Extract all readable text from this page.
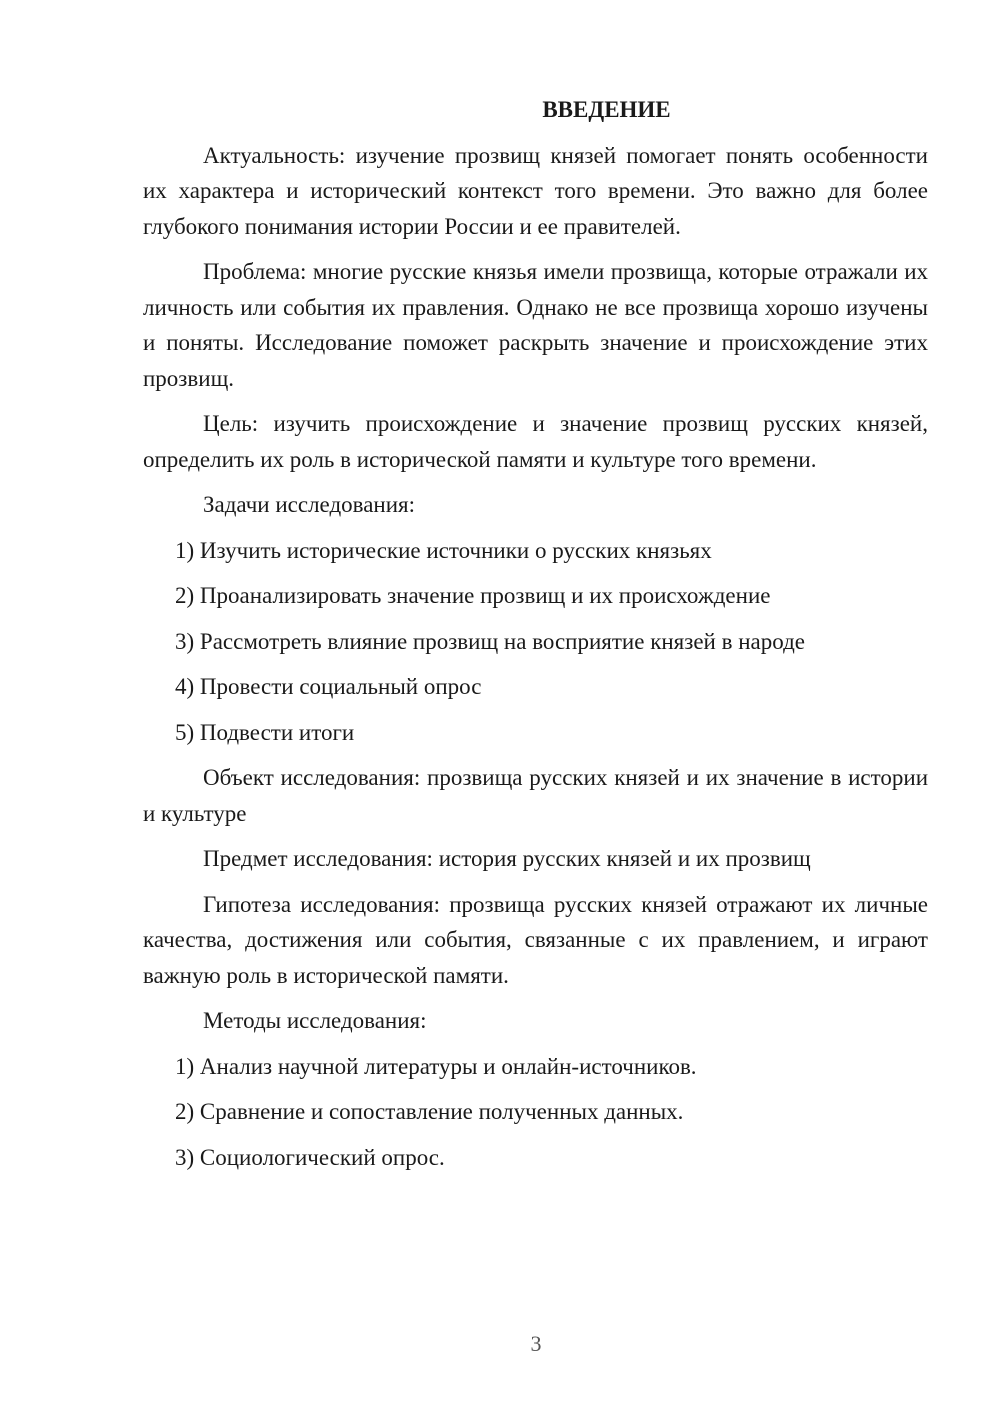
ВВЕДЕНИЕ

Актуальность: изучение прозвищ князей помогает понять особенности их характера и исторический контекст того времени. Это важно для более глубокого понимания истории России и ее правителей.

Проблема: многие русские князья имели прозвища, которые отражали их личность или события их правления. Однако не все прозвища хорошо изучены и поняты. Исследование поможет раскрыть значение и происхождение этих прозвищ.

Цель: изучить происхождение и значение прозвищ русских князей, определить их роль в исторической памяти и культуре того времени.

Задачи исследования:

1) Изучить исторические источники о русских князьях
2) Проанализировать значение прозвищ и их происхождение
3) Рассмотреть влияние прозвищ на восприятие князей в народе
4) Провести социальный опрос
5) Подвести итоги

Объект исследования: прозвища русских князей и их значение в истории и культуре

Предмет исследования: история русских князей и их прозвищ

Гипотеза исследования: прозвища русских князей отражают их личные качества, достижения или события, связанные с их правлением, и играют важную роль в исторической памяти.

Методы исследования:

1) Анализ научной литературы и онлайн-источников.
2) Сравнение и сопоставление полученных данных.
3) Социологический опрос.
3
